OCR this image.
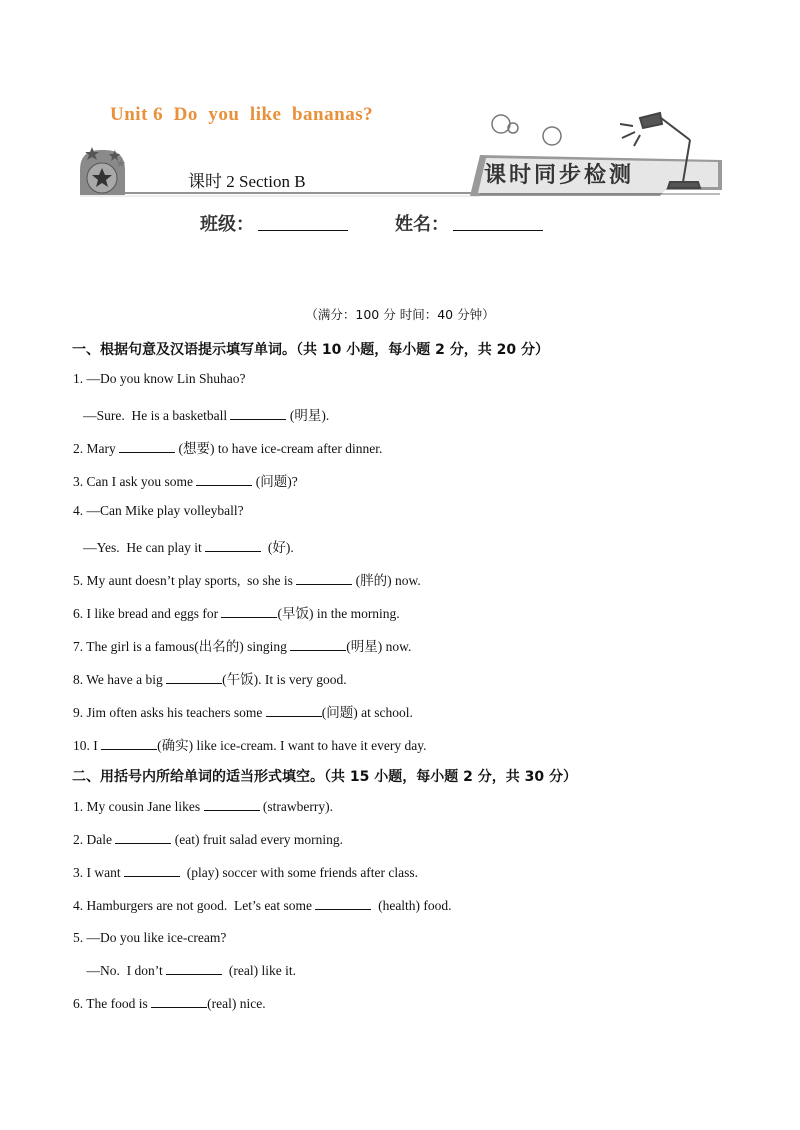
Unit 6  Do  you  like  bananas?
课时 2 Section B	课时同步检测
班级：	姓名：
（满分：100 分 时间：40 分钟）
一、根据句意及汉语提示填写单词。（共 10 小题，每小题 2 分，共 20 分）
1. —Do you know Lin Shuhao?
—Sure.  He is a basketball	(明星).
2. Mary	(想要) to have ice-cream after dinner.
3. Can I ask you some	(问题)?
4. —Can Mike play volleyball?
—Yes.  He can play it	(好).
5. My aunt doesn’t play sports,  so she is	(胖的) now.
6. I like bread and eggs for	(早饭) in the morning.
7. The girl is a famous(出名的) singing	(明星) now.
8. We have a big	(午饭). It is very good.
9. Jim often asks his teachers some	(问题) at school.
10. I	(确实) like ice-cream. I want to have it every day.
二、用括号内所给单词的适当形式填空。（共 15 小题，每小题 2 分，共 30 分）
1. My cousin Jane likes	(strawberry).
2. Dale	(eat) fruit salad every morning.
3. I want	(play) soccer with some friends after class.
4. Hamburgers are not good.  Let’s eat some	(health) food.
5. —Do you like ice-cream?
—No.  I don’t	(real) like it.
6. The food is	(real) nice.
